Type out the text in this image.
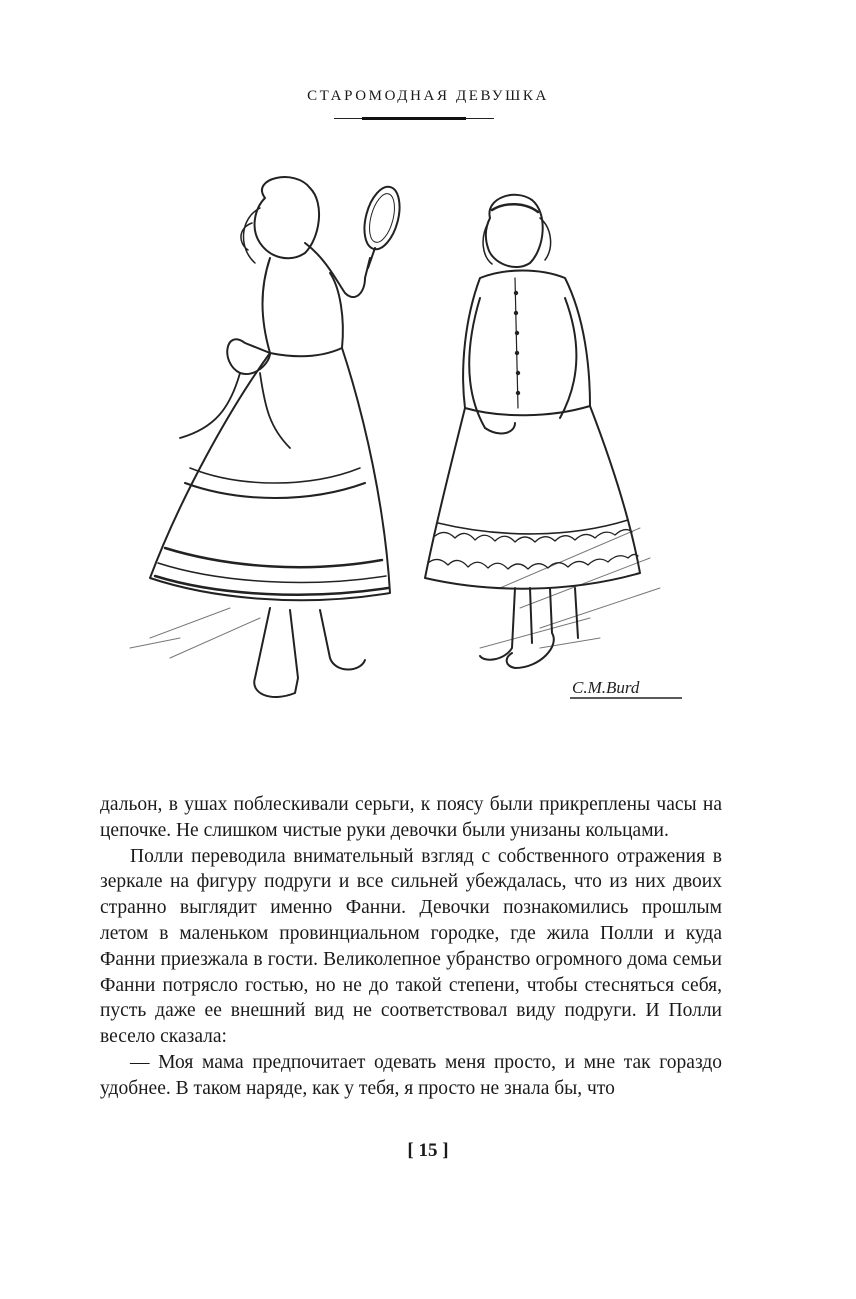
СТАРОМОДНАЯ ДЕВУШКА
C.M.Burd

дальон, в ушах поблескивали серьги, к поясу были прикреплены часы на цепочке. Не слишком чистые руки девочки были унизаны кольцами.

Полли переводила внимательный взгляд с собственного отражения в зеркале на фигуру подруги и все сильней убеждалась, что из них двоих странно выглядит именно Фанни. Девочки познакомились прошлым летом в маленьком провинциальном городке, где жила Полли и куда Фанни приезжала в гости. Великолепное убранство огромного дома семьи Фанни потрясло гостью, но не до такой степени, чтобы стесняться себя, пусть даже ее внешний вид не соответствовал виду подруги. И Полли весело сказала:

— Моя мама предпочитает одевать меня просто, и мне так гораздо удобнее. В таком наряде, как у тебя, я просто не знала бы, что

[ 15 ]
